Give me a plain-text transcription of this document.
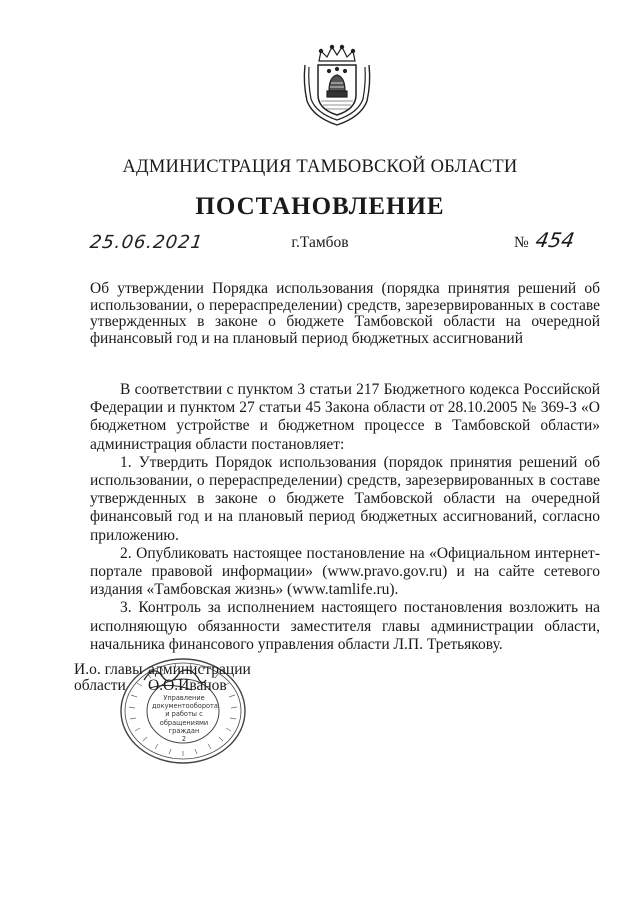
АДМИНИСТРАЦИЯ ТАМБОВСКОЙ ОБЛАСТИ
ПОСТАНОВЛЕНИЕ
25.06.2021	г.Тамбов	№ 454
Об утверждении Порядка использования (порядка принятия решений об использовании, о перераспределении) средств, зарезервированных в составе утвержденных в законе о бюджете Тамбовской области на очередной финансовый год и на плановый период бюджетных ассигнований

В соответствии с пунктом 3 статьи 217 Бюджетного кодекса Российской Федерации и пунктом 27 статьи 45 Закона области от 28.10.2005 № 369-З «О бюджетном устройстве и бюджетном процессе в Тамбовской области» администрация области постановляет:

1. Утвердить Порядок использования (порядок принятия решений об использовании, о перераспределении) средств, зарезервированных в составе утвержденных в законе о бюджете Тамбовской области на очередной финансовый год и на плановый период бюджетных ассигнований, согласно приложению.

2. Опубликовать настоящее постановление на «Официальном интернет-портале правовой информации» (www.pravo.gov.ru) и на сайте сетевого издания «Тамбовская жизнь» (www.tamlife.ru).

3. Контроль за исполнением настоящего постановления возложить на исполняющую обязанности заместителя главы администрации области, начальника финансового управления области Л.П. Третьякову.

Управление документооборота и работы с обращениями граждан
2
И.о. главы
области
администрации
О.О.Иванов
